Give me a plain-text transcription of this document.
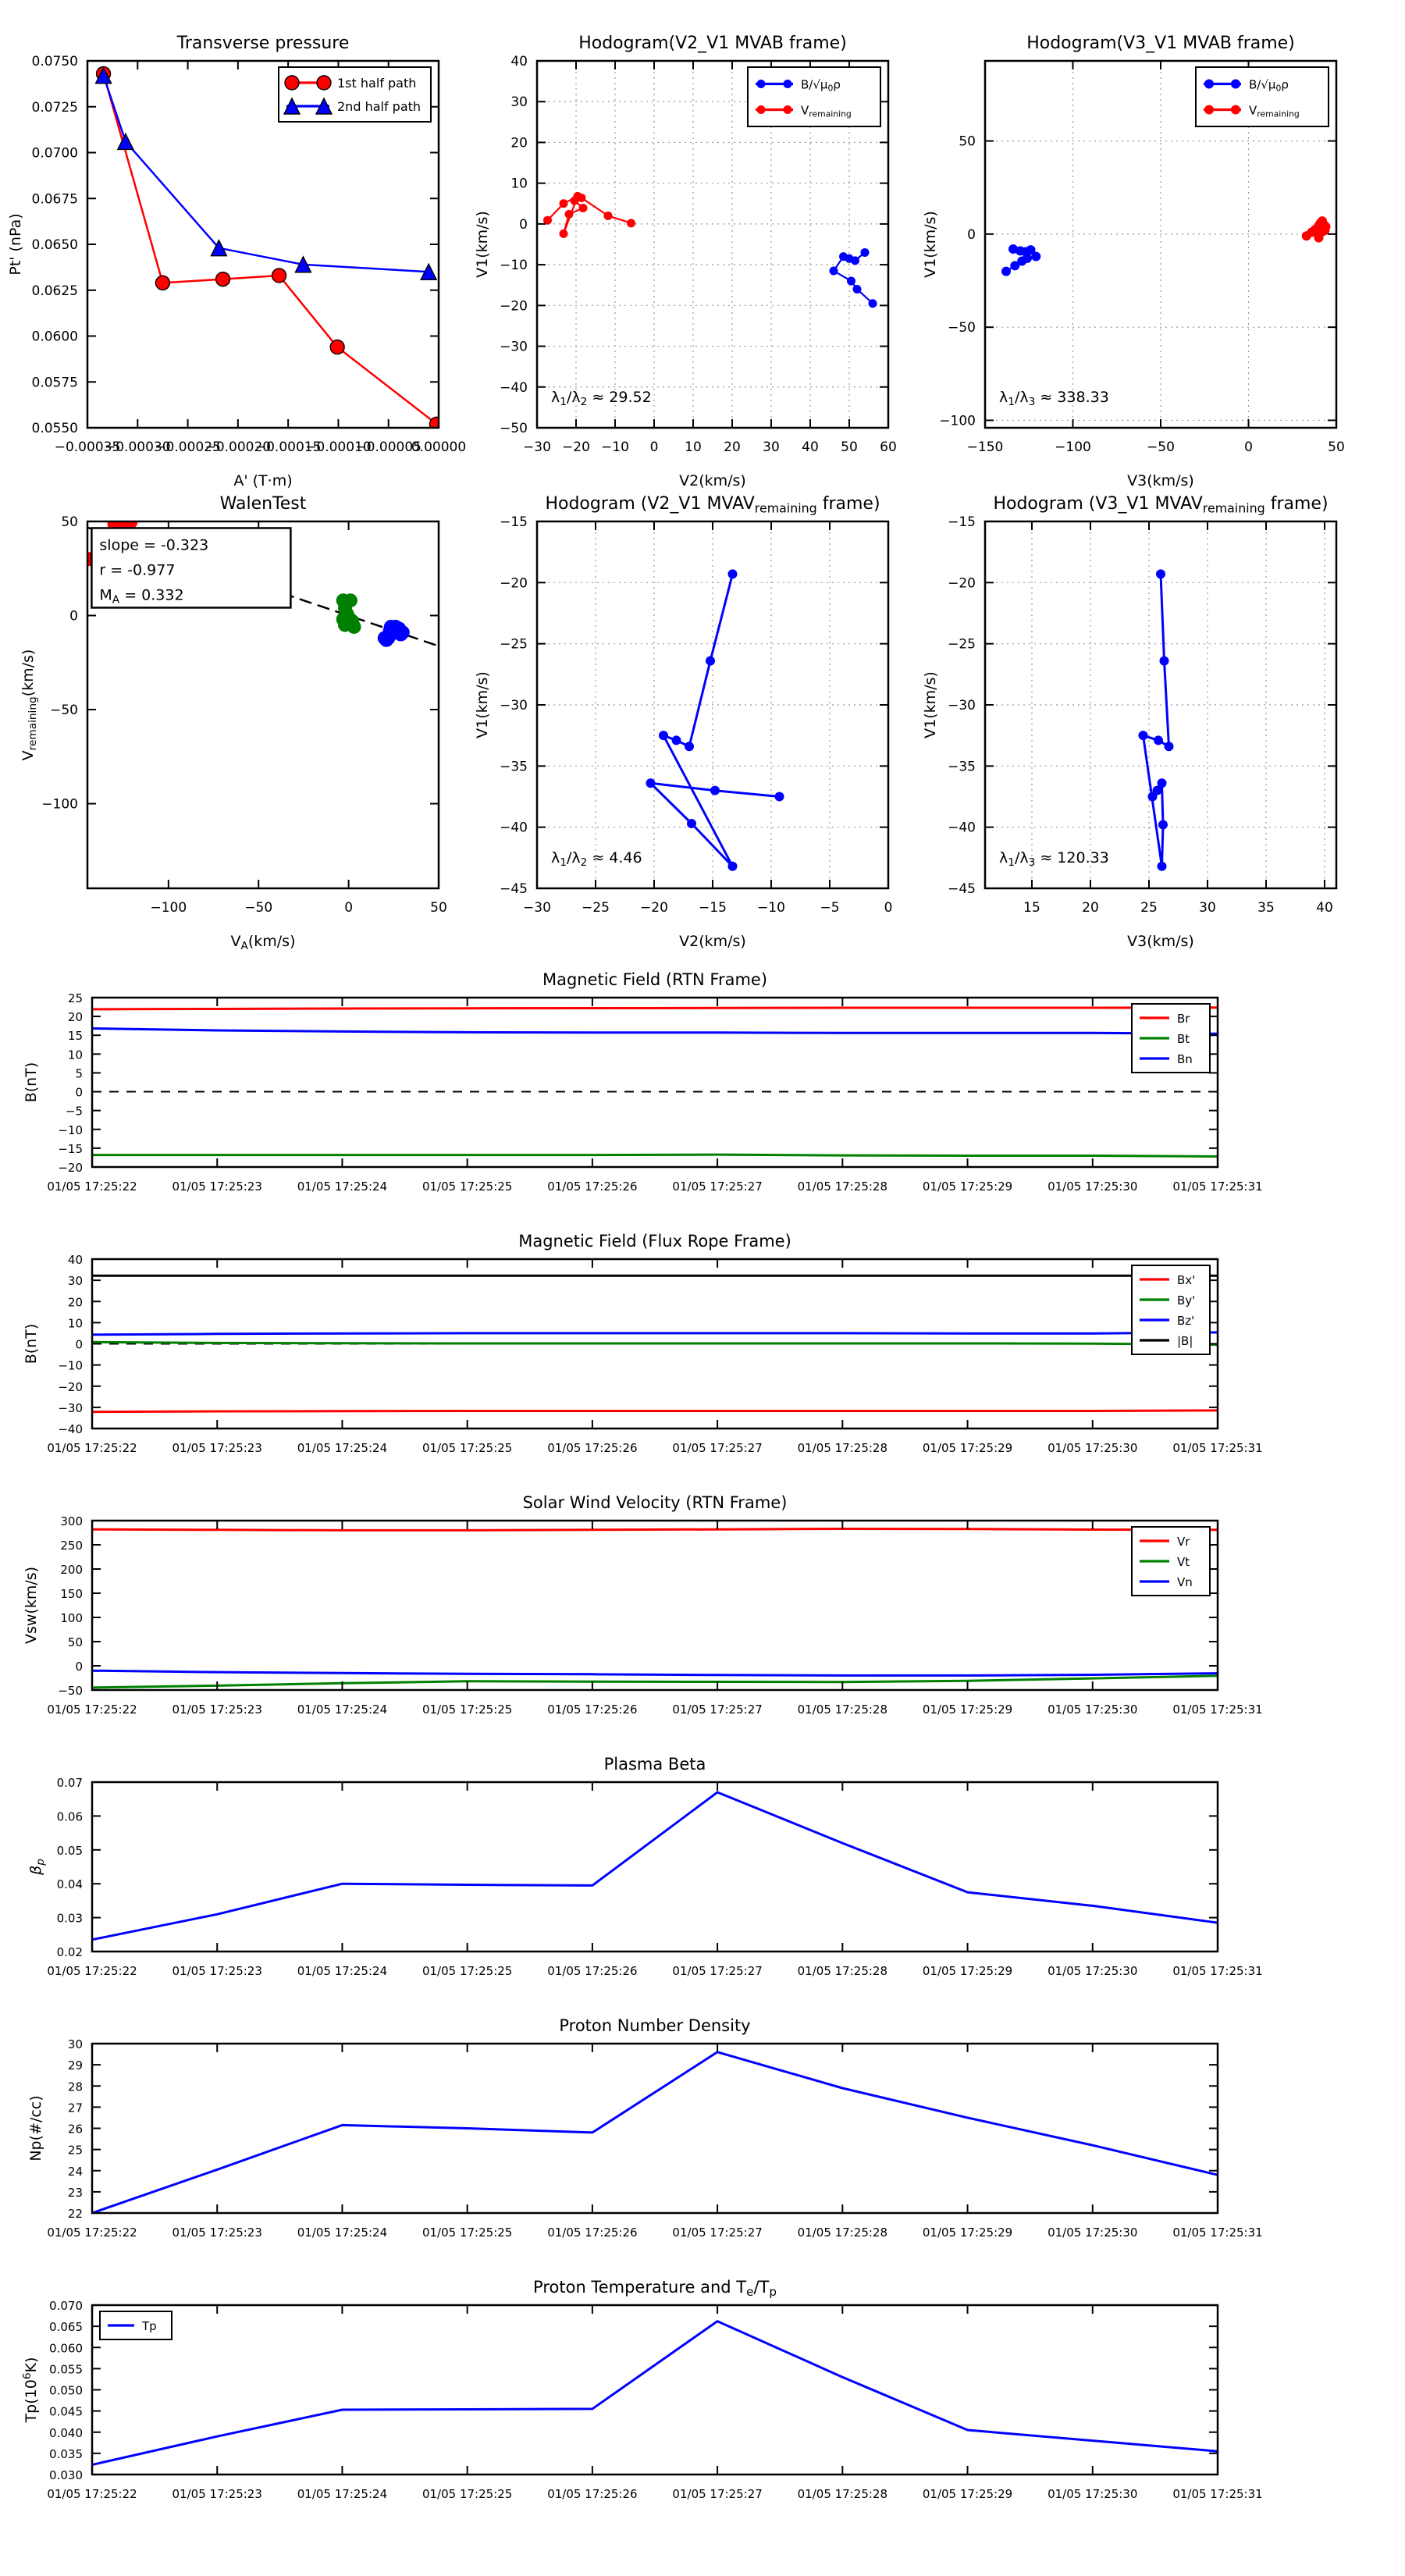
−0.00035
−0.00030
−0.00025
−0.00020
−0.00015
−0.00010
−0.00005
0.00000
0.0550
0.0575
0.0600
0.0625
0.0650
0.0675
0.0700
0.0725
0.0750
Transverse pressure
A' (T·m)
Pt' (nPa)
1st half path
2nd half path
−30 −20 −10 0 10 20 30 40 50 60
−50
−40
−30
−20
−10
0
10
20
30
40
Hodogram(V2_V1 MVAB frame)
V2(km/s)
V1(km/s)
$B/√\mu_0\rho$
$V_{remaining}$
$\lambda_1/\lambda_2 \approx 29.52$
−150	−100	−50	0	50
−100
−50
0
50
Hodogram(V3_V1 MVAB frame)
V3(km/s)
V1(km/s)
$B/√\mu_0\rho$
$V_{remaining}$
$\lambda_1/\lambda_3 \approx 338.33$
−100	−50	0	50
−100
−50
0
50
WalenTest
$V_A(km/s)$
$V_{remaining}(km/s)$
slope = -0.323
r = -0.977
$M_A = 0.332$
−30 −25 −20 −15 −10	−5	0
−45
−40
−35
−30
−25
−20
−15
Hodogram (V2_V1 $MVAV_{remaining}$ frame)
V2(km/s)
V1(km/s)
$\lambda_1/\lambda_2 \approx 4.46$
15	20	25	30	35	40
−45
−40
−35
−30
−25
−20
−15
Hodogram (V3_V1 $MVAV_{remaining}$ frame)
V3(km/s)
V1(km/s)
$\lambda_1/\lambda_3 \approx 120.33$
01/05 17:25:22	01/05 17:25:23	01/05 17:25:24	01/05 17:25:25	01/05 17:25:26	01/05 17:25:27	01/05 17:25:28	01/05 17:25:29	01/05 17:25:30	01/05 17:25:31
−20
−15
−10
−5
0
5
10
15
20
25
Magnetic Field (RTN Frame)
B(nT)
Br
Bt
Bn
01/05 17:25:22	01/05 17:25:23	01/05 17:25:24	01/05 17:25:25	01/05 17:25:26	01/05 17:25:27	01/05 17:25:28	01/05 17:25:29	01/05 17:25:30	01/05 17:25:31
−40
−30
−20
−10
0
10
20
30
40
Magnetic Field (Flux Rope Frame)
B(nT)
Bx'
By'
Bz'
|B|
01/05 17:25:22	01/05 17:25:23	01/05 17:25:24	01/05 17:25:25	01/05 17:25:26	01/05 17:25:27	01/05 17:25:28	01/05 17:25:29	01/05 17:25:30	01/05 17:25:31
−50
0
50
100
150
200
250
300
Solar Wind Velocity (RTN Frame)
Vsw(km/s)
Vr
Vt
Vn
01/05 17:25:22	01/05 17:25:23	01/05 17:25:24	01/05 17:25:25	01/05 17:25:26	01/05 17:25:27	01/05 17:25:28	01/05 17:25:29	01/05 17:25:30	01/05 17:25:31
0.02
0.03
0.04
0.05
0.06
0.07
Plasma Beta
$\beta_p$
01/05 17:25:22	01/05 17:25:23	01/05 17:25:24	01/05 17:25:25	01/05 17:25:26	01/05 17:25:27	01/05 17:25:28	01/05 17:25:29	01/05 17:25:30	01/05 17:25:31
22
23
24
25
26
27
28
29
30
Proton Number Density
Np(#/cc)
01/05 17:25:22	01/05 17:25:23	01/05 17:25:24	01/05 17:25:25	01/05 17:25:26	01/05 17:25:27	01/05 17:25:28	01/05 17:25:29	01/05 17:25:30	01/05 17:25:31
0.030
0.035
0.040
0.045
0.050
0.055
0.060
0.065
0.070
Proton Temperature and $T_e/T_p$
$Tp(10^6K)$
Tp
